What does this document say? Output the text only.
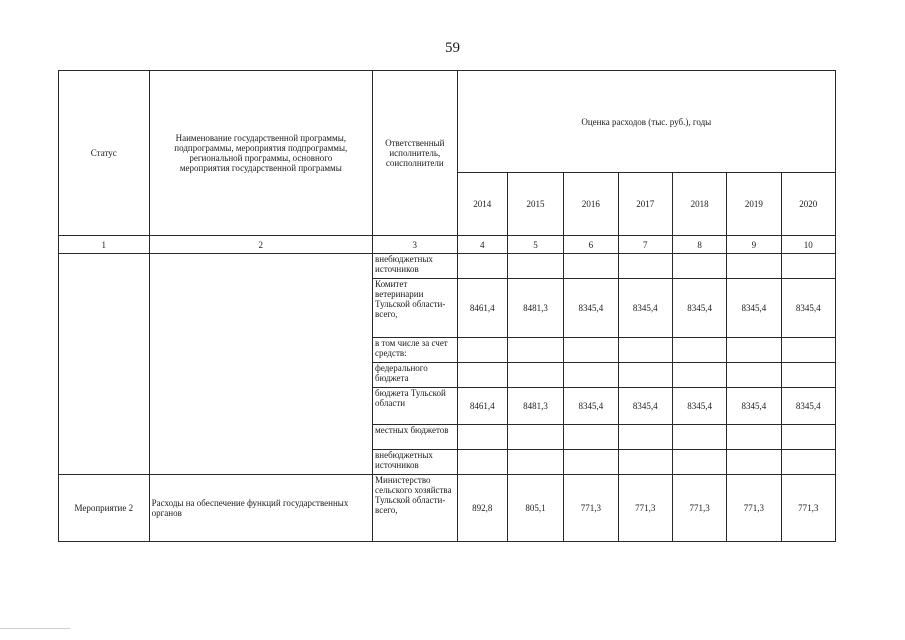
59
Статус	Наименование государственной программы, подпрограммы, мероприятия подпрограммы, региональной программы, основного мероприятия государственной программы	Ответственный исполнитель, соисполнители	Оценка расходов (тыс. руб.), годы						
			2014	2015	2016	2017	2018	2019	2020
1	2	3	4	5	6	7	8	9	10
		внебюджетных источников							
		Комитет ветеринарии Тульской области- всего,	8461,4	8481,3	8345,4	8345,4	8345,4	8345,4	8345,4
		в том числе за счет средств:							
		федерального бюджета							
		бюджета Тульской области	8461,4	8481,3	8345,4	8345,4	8345,4	8345,4	8345,4
		местных бюджетов							
		внебюджетных источников							
Мероприятие 2	Расходы на обеспечение функций государственных органов	Министерство сельского хозяйства Тульской области- всего,	892,8	805,1	771,3	771,3	771,3	771,3	771,3
